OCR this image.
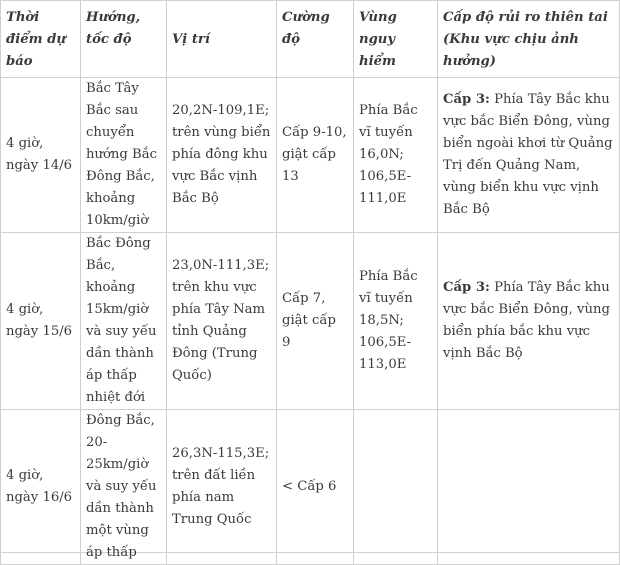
Thời điểm dự báo	Hướng, tốc độ	Vị trí	Cường độ	Vùng nguy hiểm	Cấp độ rủi ro thiên tai (Khu vực chịu ảnh hưởng)
4 giờ, ngày 14/6	Bắc Tây Bắc sau chuyển hướng Bắc Đông Bắc, khoảng 10km/giờ	20,2N-109,1E; trên vùng biển phía đông khu vực Bắc vịnh Bắc Bộ	Cấp 9-10, giật cấp 13	Phía Bắc vĩ tuyến 16,0N; 106,5E-111,0E	Cấp 3: Phía Tây Bắc khu vực bắc Biển Đông, vùng biển ngoài khơi từ Quảng Trị đến Quảng Nam, vùng biển khu vực vịnh Bắc Bộ
4 giờ, ngày 15/6	Bắc Đông Bắc, khoảng 15km/giờ và suy yếu dần thành áp thấp nhiệt đới	23,0N-111,3E; trên khu vực phía Tây Nam tỉnh Quảng Đông (Trung Quốc)	Cấp 7, giật cấp 9	Phía Bắc vĩ tuyến 18,5N; 106,5E-113,0E	Cấp 3: Phía Tây Bắc khu vực bắc Biển Đông, vùng biển phía bắc khu vực vịnh Bắc Bộ
4 giờ, ngày 16/6	Đông Bắc, 20-25km/giờ và suy yếu dần thành một vùng áp thấp	26,3N-115,3E; trên đất liền phía nam Trung Quốc	< Cấp 6		
